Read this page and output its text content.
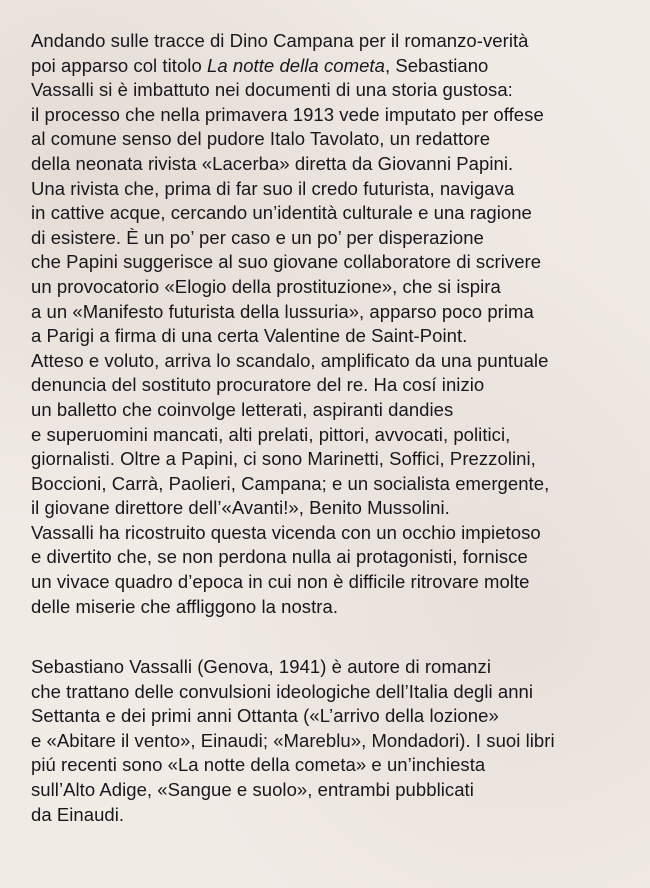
Andando sulle tracce di Dino Campana per il romanzo-verità
poi apparso col titolo La notte della cometa, Sebastiano
Vassalli si è imbattuto nei documenti di una storia gustosa:
il processo che nella primavera 1913 vede imputato per offese
al comune senso del pudore Italo Tavolato, un redattore
della neonata rivista «Lacerba» diretta da Giovanni Papini.
Una rivista che, prima di far suo il credo futurista, navigava
in cattive acque, cercando un’identità culturale e una ragione
di esistere. È un po’ per caso e un po’ per disperazione
che Papini suggerisce al suo giovane collaboratore di scrivere
un provocatorio «Elogio della prostituzione», che si ispira
a un «Manifesto futurista della lussuria», apparso poco prima
a Parigi a firma di una certa Valentine de Saint-Point.
Atteso e voluto, arriva lo scandalo, amplificato da una puntuale
denuncia del sostituto procuratore del re. Ha cosí inizio
un balletto che coinvolge letterati, aspiranti dandies
e superuomini mancati, alti prelati, pittori, avvocati, politici,
giornalisti. Oltre a Papini, ci sono Marinetti, Soffici, Prezzolini,
Boccioni, Carrà, Paolieri, Campana; e un socialista emergente,
il giovane direttore dell’«Avanti!», Benito Mussolini.
Vassalli ha ricostruito questa vicenda con un occhio impietoso
e divertito che, se non perdona nulla ai protagonisti, fornisce
un vivace quadro d’epoca in cui non è difficile ritrovare molte
delle miserie che affliggono la nostra.
Sebastiano Vassalli (Genova, 1941) è autore di romanzi
che trattano delle convulsioni ideologiche dell’Italia degli anni
Settanta e dei primi anni Ottanta («L’arrivo della lozione»
e «Abitare il vento», Einaudi; «Mareblu», Mondadori). I suoi libri
piú recenti sono «La notte della cometa» e un’inchiesta
sull’Alto Adige, «Sangue e suolo», entrambi pubblicati
da Einaudi.
